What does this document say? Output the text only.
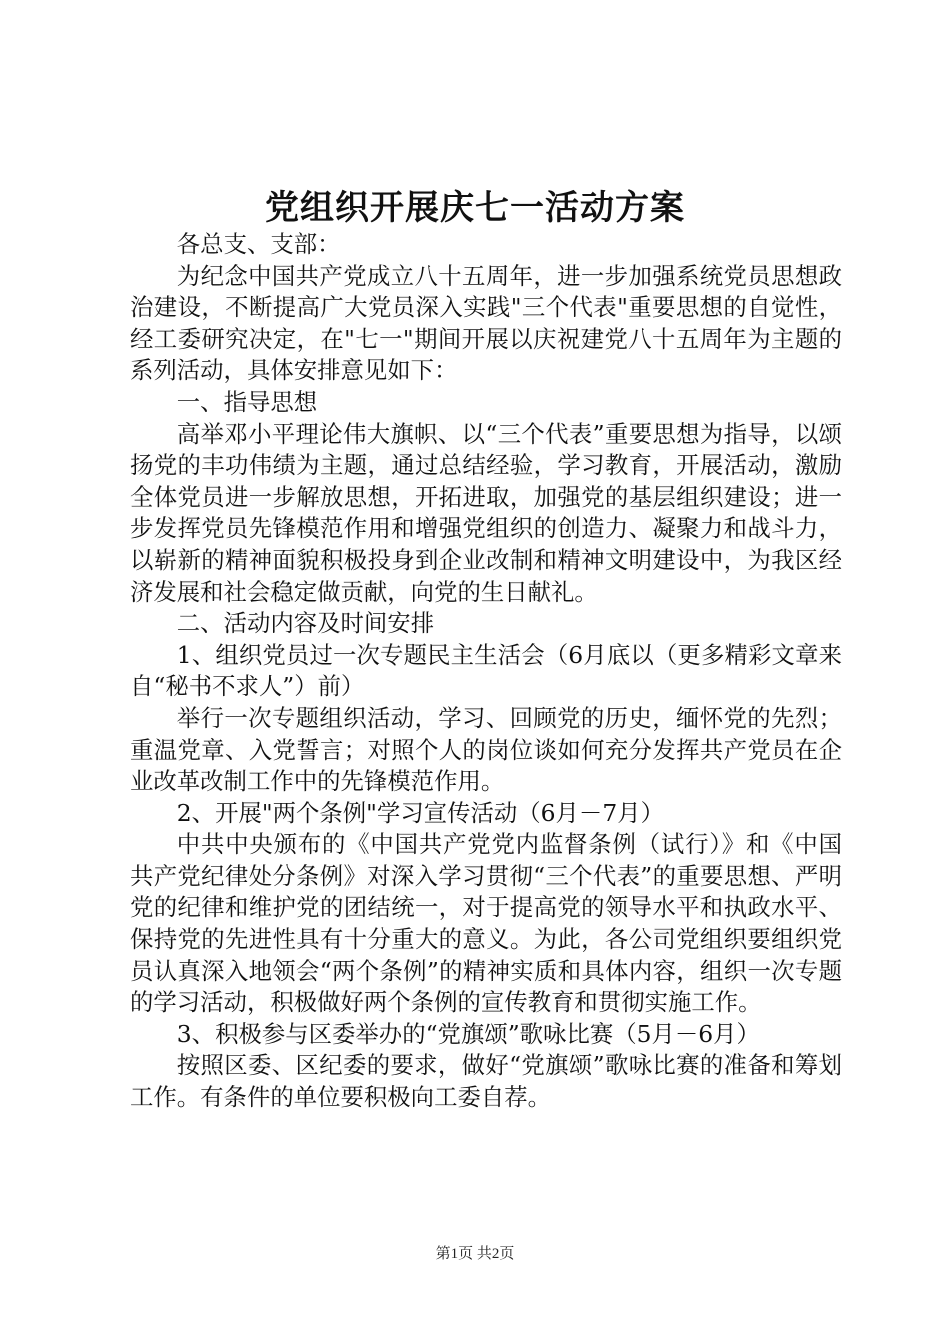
党组织开展庆七一活动方案

各总支、支部：

为纪念中国共产党成立八十五周年，进一步加强系统党员思想政治建设，不断提高广大党员深入实践"三个代表"重要思想的自觉性，经工委研究决定，在"七一"期间开展以庆祝建党八十五周年为主题的系列活动，具体安排意见如下：

一、指导思想

高举邓小平理论伟大旗帜、以“三个代表”重要思想为指导，以颂扬党的丰功伟绩为主题，通过总结经验，学习教育，开展活动，激励全体党员进一步解放思想，开拓进取，加强党的基层组织建设；进一步发挥党员先锋模范作用和增强党组织的创造力、凝聚力和战斗力，以崭新的精神面貌积极投身到企业改制和精神文明建设中，为我区经济发展和社会稳定做贡献，向党的生日献礼。

二、活动内容及时间安排

1、组织党员过一次专题民主生活会（6月底以（更多精彩文章来自“秘书不求人”）前）

举行一次专题组织活动，学习、回顾党的历史，缅怀党的先烈；重温党章、入党誓言；对照个人的岗位谈如何充分发挥共产党员在企业改革改制工作中的先锋模范作用。

2、开展"两个条例"学习宣传活动（6月－7月）

中共中央颁布的《中国共产党党内监督条例（试行）》和《中国共产党纪律处分条例》对深入学习贯彻“三个代表”的重要思想、严明党的纪律和维护党的团结统一，对于提高党的领导水平和执政水平、保持党的先进性具有十分重大的意义。为此，各公司党组织要组织党员认真深入地领会“两个条例”的精神实质和具体内容，组织一次专题的学习活动，积极做好两个条例的宣传教育和贯彻实施工作。

3、积极参与区委举办的“党旗颂”歌咏比赛（5月－6月）

按照区委、区纪委的要求，做好“党旗颂”歌咏比赛的准备和筹划工作。有条件的单位要积极向工委自荐。

第1页 共2页
